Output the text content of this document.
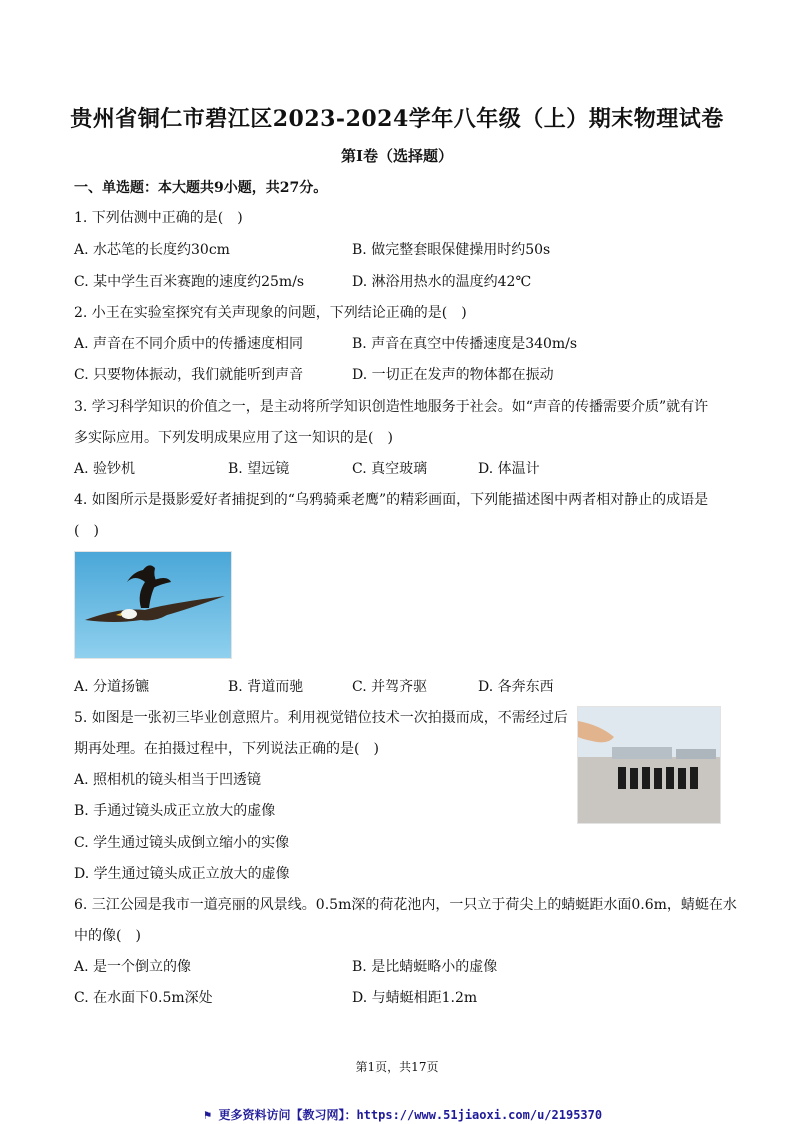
贵州省铜仁市碧江区2023-2024学年八年级（上）期末物理试卷
第Ⅰ卷（选择题）
一、单选题：本大题共9小题，共27分。
1. 下列估测中正确的是(　)
A. 水芯笔的长度约30cm	B. 做完整套眼保健操用时约50s
C. 某中学生百米赛跑的速度约25m/s	D. 淋浴用热水的温度约42℃
2. 小王在实验室探究有关声现象的问题，下列结论正确的是(　)
A. 声音在不同介质中的传播速度相同	B. 声音在真空中传播速度是340m/s
C. 只要物体振动，我们就能听到声音	D. 一切正在发声的物体都在振动
3. 学习科学知识的价值之一，是主动将所学知识创造性地服务于社会。如“声音的传播需要介质”就有许
多实际应用。下列发明成果应用了这一知识的是(　)
A. 验钞机	B. 望远镜	C. 真空玻璃	D. 体温计
4. 如图所示是摄影爱好者捕捉到的“乌鸦骑乘老鹰”的精彩画面，下列能描述图中两者相对静止的成语是
(　)
A. 分道扬镳	B. 背道而驰	C. 并驾齐驱	D. 各奔东西
5. 如图是一张初三毕业创意照片。利用视觉错位技术一次拍摄而成，不需经过后
期再处理。在拍摄过程中，下列说法正确的是(　)
A. 照相机的镜头相当于凹透镜
B. 手通过镜头成正立放大的虚像
C. 学生通过镜头成倒立缩小的实像
D. 学生通过镜头成正立放大的虚像
6. 三江公园是我市一道亮丽的风景线。0.5m深的荷花池内，一只立于荷尖上的蜻蜓距水面0.6m，蜻蜓在水
中的像(　)
A. 是一个倒立的像	B. 是比蜻蜓略小的虚像
C. 在水面下0.5m深处	D. 与蜻蜓相距1.2m
第1页，共17页
⚑ 更多资料访问【教习网】：https://www.51jiaoxi.com/u/2195370
